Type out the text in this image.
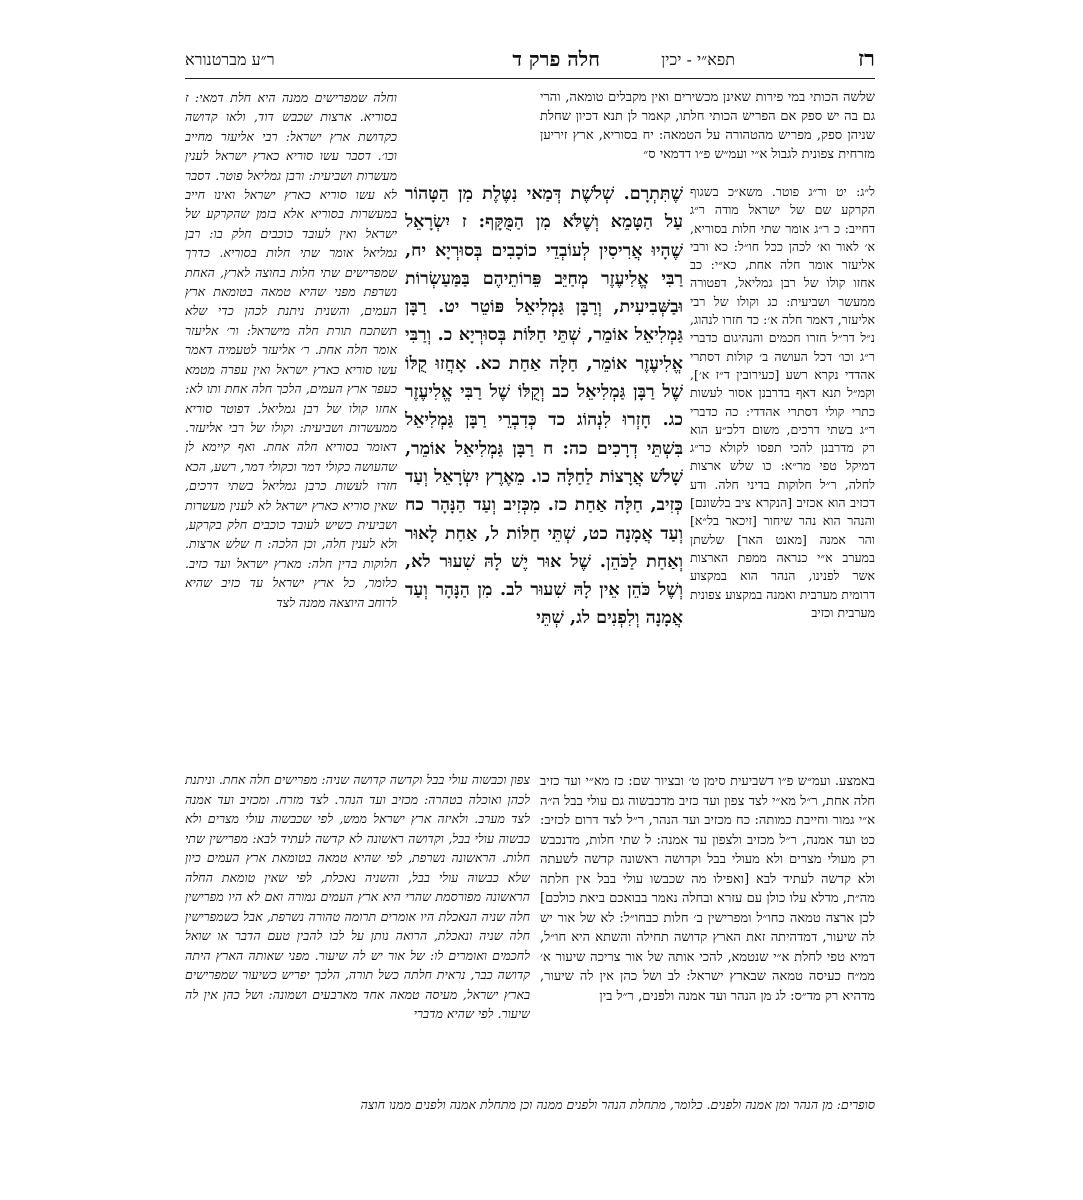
רז
תפא״י - יכין
חלה פרק ד
ר״ע מברטנורא

שלשה הכותי במי פירות שאינן מכשירים ואין מקבלים טומאה, והרי גם בה יש ספק אם הפריש הכותי חלתו, קאמר לן תנא דכיון שחלת שניהן ספק, מפריש מהטהורה על הטמאה: יח בסוריא, ארץ זיריען מזרחית צפונית לגבול א״י ועמ״ש פ״ו דדמאי ס״

ל״ג: יט ור״ג פוטר. משא״כ בשגוף הקרקע שם של ישראל מודה ר״ג דחייב: כ ר״ג אומר שתי חלות בסוריא, א׳ לאור וא׳ לכהן ככל חו״ל: כא ורבי אליעזר אומר חלה אחת, כא״י: כב אחזו קולו של רבן גמליאל, דפטורה ממעשר ושביעית: כג וקולו של רבי אליעזר, דאמר חלה א׳: כד חזרו לנהוג, נ״ל דר״ל חזרו חכמים והנהיגום כדברי ר״ג וכו׳ דכל העושה ב׳ קולות דסתרי אהדדי נקרא רשע [כעירובין ד״ז א׳], וקמ״ל תנא דאף בדרבנן אסור לעשות כתרי קולי דסתרי אהדדי: כה כדברי ר״ג בשתי דרכים, משום דלכ״ע הוא רק מדרבנן להכי תפסו לקולא כר״ג דמיקל טפי מר״א: כו שלש ארצות לחלה, ר״ל חלוקות בדיני חלה. ודע דכזיב הוא אכזיב [הנקרא ציב בלשונם] והנהר הוא נהר שיחור [זיכאר בל״א] והר אמנה [מאנט האר] שלשתן במערב א״י כנראה ממפת הארצות אשר לפנינו, הנהר הוא במקצוע דרומית מערבית ואמנה במקצוע צפונית מערבית וכזיב

שֶׁתִּתְרָם. שְׁלֹשֶׁת דְּמַאי נִטֶּלֶת מִן הַטָּהוֹר עַל הַטָּמֵא וְשֶׁלֹּא מִן הַמֻּקָּף: ז יִשְׂרָאֵל שֶׁהָיוּ אֲרִיסִין לְעוֹבְדֵי כוֹכָבִים בְּסוּרְיָא יח, רַבִּי אֱלִיעֶזֶר מְחַיֵּב פֵּרוֹתֵיהֶם בַּמַּעַשְׂרוֹת וּבַשְּׁבִיעִית, וְרַבָּן גַּמְלִיאֵל פּוֹטֵר יט. רַבָּן גַּמְלִיאֵל אוֹמֵר, שְׁתֵּי חַלּוֹת בְּסוּרְיָא כ. וְרַבִּי אֱלִיעֶזֶר אוֹמֵר, חַלָּה אַחַת כא. אָחֲזוּ קֻלּוֹ שֶׁל רַבָּן גַּמְלִיאֵל כב וְקֻלּוֹ שֶׁל רַבִּי אֱלִיעֶזֶר כג. חָזְרוּ לִנְהוֹג כד כְּדִבְרֵי רַבָּן גַּמְלִיאֵל בִּשְׁתֵּי דְרָכִים כה: ח רַבָּן גַּמְלִיאֵל אוֹמֵר, שָׁלֹשׁ אֲרָצוֹת לַחַלָּה כו. מֵאֶרֶץ יִשְׂרָאֵל וְעַד כְּזִיב, חַלָּה אַחַת כז. מִכְּזִיב וְעַד הַנָּהָר כח וְעַד אֲמָנָה כט, שְׁתֵּי חַלּוֹת ל, אַחַת לָאוּר וְאַחַת לַכֹּהֵן. שֶׁל אוּר יֶשׁ לָהּ שִׁעוּר לא, וְשֶׁל כֹּהֵן אֵין לָהּ שִׁעוּר לב. מִן הַנָּהָר וְעַד אֲמָנָה וְלִפְנִים לג, שְׁתֵּי

וחלה שמפרישים ממנה היא חלת דמאי: ז בסוריא. ארצות שכבש דוד, ולאו קדושה כקדושת ארץ ישראל: רבי אליעזר מחייב וכו׳. דסבר עשו סוריא כארץ ישראל לענין מעשרות ושביעית: ורבן גמליאל פוטר. דסבר לא עשו סוריא כארץ ישראל ואינו חייב במעשרות בסוריא אלא בזמן שהקרקע של ישראל ואין לעובד כוכבים חלק בו: רבן גמליאל אומר שתי חלות בסוריא. כדרך שמפרישים שתי חלות בחוצה לארץ, האחת נשרפת מפני שהיא טמאה בטומאת ארץ העמים, והשנית ניתנת לכהן כדי שלא תשתכח תורת חלה מישראל: ור׳ אליעזר אומר חלה אחת. ר׳ אליעזר לטעמיה דאמר עשו סוריא כארץ ישראל ואין עפרה מטמא כעפר ארץ העמים, הלכך חלה אחת ותו לא: אחזו קולו של רבן גמליאל. דפוטר סוריא ממעשרות ושביעית: וקולו של רבי אליעזר. דאומר בסוריא חלה אחת. ואף קיימא לן שהעושה כקולי דמר וכקולי דמר, רשע, הכא חזרו לעשות כרבן גמליאל בשתי דרכים, שאין סוריא כארץ ישראל לא לענין מעשרות ושביעית כשיש לעובד כוכבים חלק בקרקע, ולא לענין חלה, וכן הלכה: ח שלש ארצות. חלוקות בדין חלה: מארץ ישראל ועד כזיב. כלומר, כל ארץ ישראל עד כזיב שהיא לרוחב היוצאה ממנה לצד

באמצע. ועמ״ש פ״ו דשביעית סימן ט׳ ובציור שם: כז מא״י ועד כזיב חלה אחת, ר״ל מא״י לצד צפון ועד כזיב מדכבשוה גם עולי בבל ה״ה א״י גמור וחייבת כמותה: כח מכזיב ועד הנהר, ר״ל לצד דרום לכזיב: כט ועד אמנה, ר״ל מכזיב ולצפון עד אמנה: ל שתי חלות, מדנכבש רק מעולי מצרים ולא מעולי בבל וקדושה ראשונה קדשה לשעתה ולא קדשה לעתיד לבא [ואפילו מה שכבשו עולי בבל אין חלתה מה״ת, מדלא עלו כולן עם עזרא ובחלה נאמר בבואכם ביאת כולכם] לכן ארצה טמאה כחו״ל ומפרישין ב׳ חלות כבחו״ל: לא של אור יש לה שיעור, דמדהיתה זאת הארץ קדושה תחילה והשתא היא חו״ל, דמיא טפי לחלת א״י שנטמא, להכי אותה של אור צריכה שיעור א׳ ממ״ח כעיסה טמאה שבארץ ישראל: לב ושל כהן אין לה שיעור, מדהיא רק מד״ס: לג מן הנהר ועד אמנה ולפנים, ר״ל בין

צפון וכבשוה עולי בבל וקדשה קדושה שניה: מפרישים חלה אחת. וניתנת לכהן ואוכלה בטהרה: מכזיב ועד הנהר. לצד מזרח. ומכזיב ועד אמנה לצד מערב. ולאיזה ארץ ישראל ממש, לפי שכבשוה עולי מצרים ולא כבשוה עולי בבל, וקדושה ראשונה לא קדשה לעתיד לבא: מפרישין שתי חלות. הראשונה נשרפת, לפי שהיא טמאה בטומאת ארץ העמים כיון שלא כבשוה עולי בבל, והשניה נאכלת, לפי שאין טומאת החלה הראשונה מפורסמת שהרי היא ארץ העמים גמורה ואם לא היו מפרישין חלה שניה הנאכלת היו אומרים תרומה טהורה נשרפת, אבל כשמפרישין חלה שניה ונאכלת, הרואה נותן על לבו להבין טעם הדבר או שואל לחכמים ואומרים לו: של אור יש לה שיעור. מפני שאותה הארץ היתה קדושה כבר, נראית חלתה כשל תורה, הלכך יפריש כשיעור שמפרישים בארץ ישראל, מעיסה טמאה אחד מארבעים ושמונה: ושל כהן אין לה שיעור. לפי שהיא מדברי

סופרים: מן הנהר ומן אמנה ולפנים. כלומר, מתחלת הנהר ולפנים ממנה וכן מתחלת אמנה ולפנים ממנו חוצה
